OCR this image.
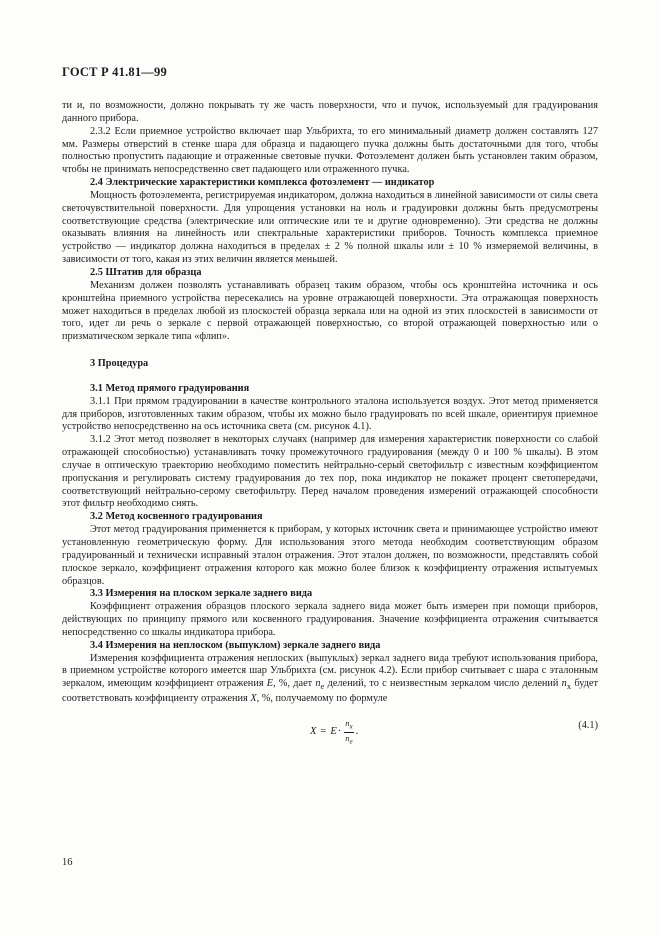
ГОСТ Р 41.81—99

ти и, по возможности, должно покрывать ту же часть поверхности, что и пучок, используемый для градуирования данного прибора.

2.3.2 Если приемное устройство включает шар Ульбрихта, то его минимальный диаметр должен составлять 127 мм. Размеры отверстий в стенке шара для образца и падающего пучка должны быть достаточными для того, чтобы полностью пропустить падающие и отраженные световые пучки. Фотоэлемент должен быть установлен таким образом, чтобы не принимать непосредственно свет падающего или отраженного пучка.

2.4 Электрические характеристики комплекса фотоэлемент — индикатор

Мощность фотоэлемента, регистрируемая индикатором, должна находиться в линейной зависимости от силы света светочувствительной поверхности. Для упрощения установки на ноль и градуировки должны быть предусмотрены соответствующие средства (электрические или оптические или те и другие одновременно). Эти средства не должны оказывать влияния на линейность или спектральные характеристики приборов. Точность комплекса приемное устройство — индикатор должна находиться в пределах ± 2 % полной шкалы или ± 10 % измеряемой величины, в зависимости от того, какая из этих величин является меньшей.

2.5 Штатив для образца

Механизм должен позволять устанавливать образец таким образом, чтобы ось кронштейна источника и ось кронштейна приемного устройства пересекались на уровне отражающей поверхности. Эта отражающая поверхность может находиться в пределах любой из плоскостей образца зеркала или на одной из этих плоскостей в зависимости от того, идет ли речь о зеркале с первой отражающей поверхностью, со второй отражающей поверхностью или о призматическом зеркале типа «флип».

3 Процедура

3.1 Метод прямого градуирования

3.1.1 При прямом градуировании в качестве контрольного эталона используется воздух. Этот метод применяется для приборов, изготовленных таким образом, чтобы их можно было градуировать по всей шкале, ориентируя приемное устройство непосредственно на ось источника света (см. рисунок 4.1).

3.1.2 Этот метод позволяет в некоторых случаях (например для измерения характеристик поверхности со слабой отражающей способностью) устанавливать точку промежуточного градуирования (между 0 и 100 % шкалы). В этом случае в оптическую траекторию необходимо поместить нейтрально-серый светофильтр с известным коэффициентом пропускания и регулировать систему градуирования до тех пор, пока индикатор не покажет процент светопередачи, соответствующий нейтрально-серому светофильтру. Перед началом проведения измерений отражающей способности этот фильтр необходимо снять.

3.2 Метод косвенного градуирования

Этот метод градуирования применяется к приборам, у которых источник света и принимающее устройство имеют установленную геометрическую форму. Для использования этого метода необходим соответствующим образом градуированный и технически исправный эталон отражения. Этот эталон должен, по возможности, представлять собой плоское зеркало, коэффициент отражения которого как можно более близок к коэффициенту отражения испытуемых образцов.

3.3 Измерения на плоском зеркале заднего вида

Коэффициент отражения образцов плоского зеркала заднего вида может быть измерен при помощи приборов, действующих по принципу прямого или косвенного градуирования. Значение коэффициента отражения считывается непосредственно со шкалы индикатора прибора.

3.4 Измерения на неплоском (выпуклом) зеркале заднего вида

Измерения коэффициента отражения неплоских (выпуклых) зеркал заднего вида требуют использования прибора, в приемном устройстве которого имеется шар Ульбрихта (см. рисунок 4.2). Если прибор считывает с шара с эталонным зеркалом, имеющим коэффициент отражения E, %, дает $n_e$ делений, то с неизвестным зеркалом число делений $n_x$ будет соответствовать коэффициенту отражения X, %, получаемому по формуле

$X = E \cdot \frac{n_x}{n_e}$ .
(4.1)
16
